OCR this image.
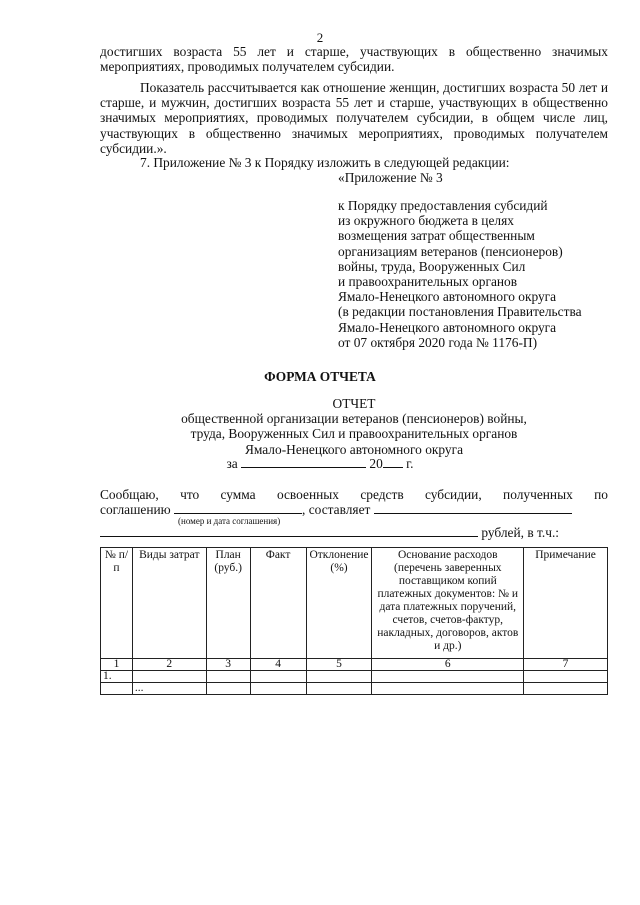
2

достигших возраста 55 лет и старше, участвующих в общественно значимых мероприятиях, проводимых получателем субсидии.

Показатель рассчитывается как отношение женщин, достигших возраста 50 лет и старше, и мужчин, достигших возраста 55 лет и старше, участвующих в общественно значимых мероприятиях, проводимых получателем субсидии, в общем числе лиц, участвующих в общественно значимых мероприятиях, проводимых получателем субсидии.».

7. Приложение № 3 к Порядку изложить в следующей редакции:

«Приложение № 3
к Порядку предоставления субсидий
из окружного бюджета в целях
возмещения затрат общественным
организациям ветеранов (пенсионеров)
войны, труда, Вооруженных Сил
и правоохранительных органов
Ямало-Ненецкого автономного округа
(в редакции постановления Правительства
Ямало-Ненецкого автономного округа
от 07 октября 2020 года № 1176-П)
ФОРМА ОТЧЕТА
ОТЧЕТ
общественной организации ветеранов (пенсионеров) войны,
труда, Вооруженных Сил и правоохранительных органов
Ямало-Ненецкого автономного округа
за	20 г.
Сообщаю, что сумма освоенных средств субсидии, полученных по
соглашению	, составляет
(номер и дата соглашения)
рублей, в т.ч.:
№ п/п	Виды затрат	План (руб.)	Факт	Отклонение (%)	Основание расходов (перечень заверенных поставщиком копий платежных документов: № и дата платежных поручений, счетов, счетов-фактур, накладных, договоров, актов и др.)	Примечание
1	2	3	4	5	6	7
1.						
	...					
